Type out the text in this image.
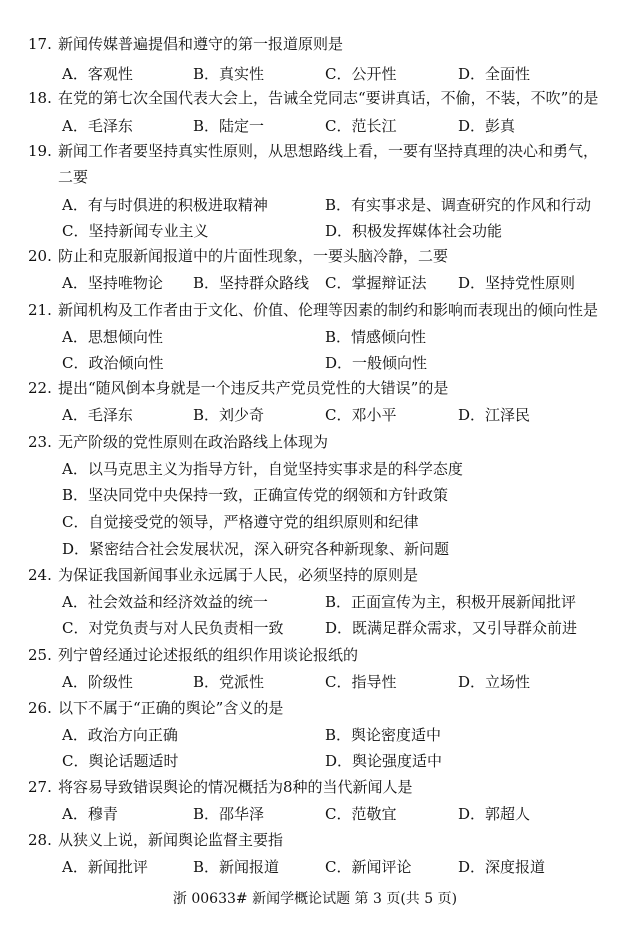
17. 新闻传媒普遍提倡和遵守的第一报道原则是
A．客观性	B．真实性	C．公开性	D．全面性
18. 在党的第七次全国代表大会上，告诫全党同志“要讲真话，不偷，不装，不吹”的是
A．毛泽东	B．陆定一	C．范长江	D．彭真
19. 新闻工作者要坚持真实性原则，从思想路线上看，一要有坚持真理的决心和勇气，
二要
A．有与时俱进的积极进取精神	B．有实事求是、调查研究的作风和行动
C．坚持新闻专业主义	D．积极发挥媒体社会功能
20. 防止和克服新闻报道中的片面性现象，一要头脑冷静，二要
A．坚持唯物论 B．坚持群众路线 C．掌握辩证法 D．坚持党性原则
21. 新闻机构及工作者由于文化、价值、伦理等因素的制约和影响而表现出的倾向性是
A．思想倾向性	B．情感倾向性
C．政治倾向性	D．一般倾向性
22. 提出“随风倒本身就是一个违反共产党员党性的大错误”的是
A．毛泽东	B．刘少奇	C．邓小平	D．江泽民
23. 无产阶级的党性原则在政治路线上体现为
A．以马克思主义为指导方针，自觉坚持实事求是的科学态度
B．坚决同党中央保持一致，正确宣传党的纲领和方针政策
C．自觉接受党的领导，严格遵守党的组织原则和纪律
D．紧密结合社会发展状况，深入研究各种新现象、新问题
24. 为保证我国新闻事业永远属于人民，必须坚持的原则是
A．社会效益和经济效益的统一	B．正面宣传为主，积极开展新闻批评
C．对党负责与对人民负责相一致	D．既满足群众需求，又引导群众前进
25. 列宁曾经通过论述报纸的组织作用谈论报纸的
A．阶级性	B．党派性	C．指导性	D．立场性
26. 以下不属于“正确的舆论”含义的是
A．政治方向正确	B．舆论密度适中
C．舆论话题适时	D．舆论强度适中
27. 将容易导致错误舆论的情况概括为8种的当代新闻人是
A．穆青	B．邵华泽	C．范敬宜	D．郭超人
28. 从狭义上说，新闻舆论监督主要指
A．新闻批评	B．新闻报道	C．新闻评论	D．深度报道
浙 00633# 新闻学概论试题 第 3 页(共 5 页)
